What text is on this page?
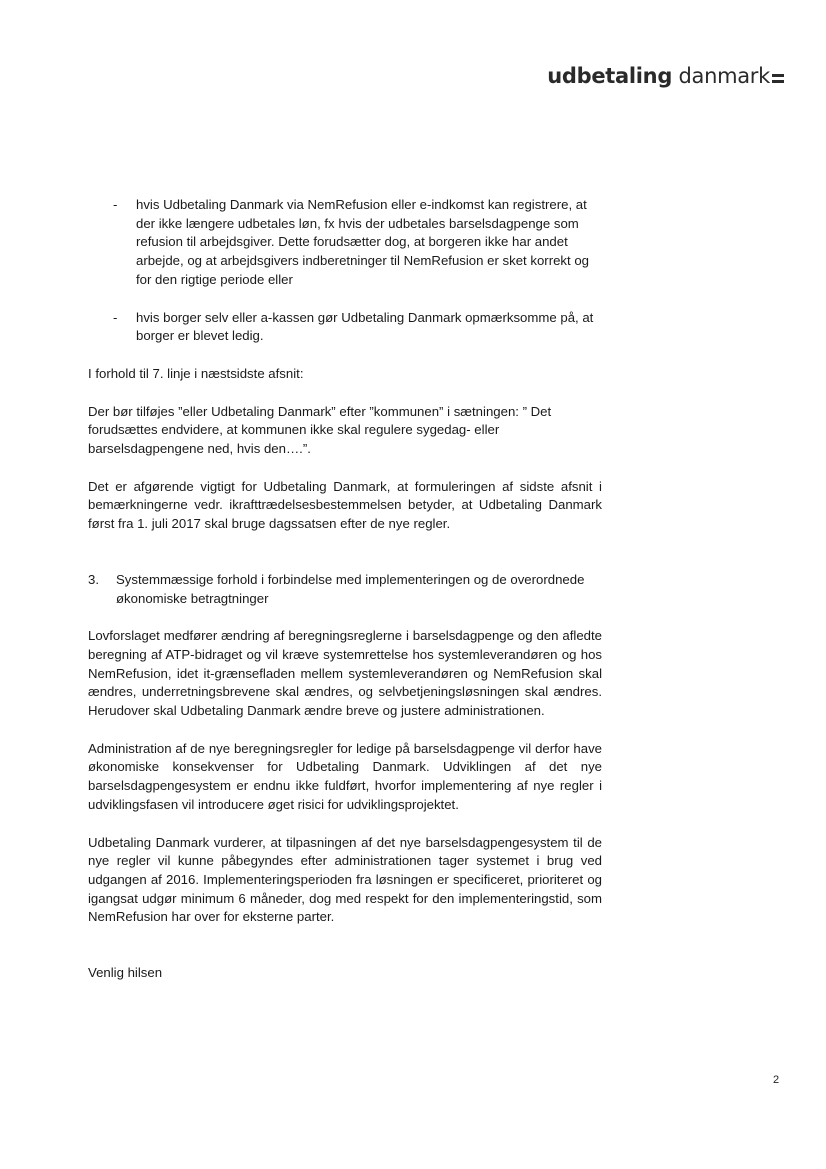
udbetaling danmark
- hvis Udbetaling Danmark via NemRefusion eller e-indkomst kan registrere, at der ikke længere udbetales løn, fx hvis der udbetales barselsdagpenge som refusion til arbejdsgiver. Dette forudsætter dog, at borgeren ikke har andet arbejde, og at arbejdsgivers indberetninger til NemRefusion er sket korrekt og for den rigtige periode eller

- hvis borger selv eller a-kassen gør Udbetaling Danmark opmærksomme på, at borger er blevet ledig.

I forhold til 7. linje i næstsidste afsnit:

Der bør tilføjes ”eller Udbetaling Danmark” efter ”kommunen” i sætningen: ” Det forudsættes endvidere, at kommunen ikke skal regulere sygedag- eller barselsdagpengene ned, hvis den….”.

Det er afgørende vigtigt for Udbetaling Danmark, at formuleringen af sidste afsnit i bemærkningerne vedr. ikrafttrædelsesbestemmelsen betyder, at Udbetaling Danmark først fra 1. juli 2017 skal bruge dagssatsen efter de nye regler.

3. Systemmæssige forhold i forbindelse med implementeringen og de overordnede økonomiske betragtninger

Lovforslaget medfører ændring af beregningsreglerne i barselsdagpenge og den afledte beregning af ATP-bidraget og vil kræve systemrettelse hos systemleverandøren og hos NemRefusion, idet it-grænsefladen mellem systemleverandøren og NemRefusion skal ændres, underretningsbrevene skal ændres, og selvbetjeningsløsningen skal ændres. Herudover skal Udbetaling Danmark ændre breve og justere administrationen.

Administration af de nye beregningsregler for ledige på barselsdagpenge vil derfor have økonomiske konsekvenser for Udbetaling Danmark. Udviklingen af det nye barselsdagpengesystem er endnu ikke fuldført, hvorfor implementering af nye regler i udviklingsfasen vil introducere øget risici for udviklingsprojektet.

Udbetaling Danmark vurderer, at tilpasningen af det nye barselsdagpengesystem til de nye regler vil kunne påbegyndes efter administrationen tager systemet i brug ved udgangen af 2016. Implementeringsperioden fra løsningen er specificeret, prioriteret og igangsat udgør minimum 6 måneder, dog med respekt for den implementeringstid, som NemRefusion har over for eksterne parter.

Venlig hilsen

2
